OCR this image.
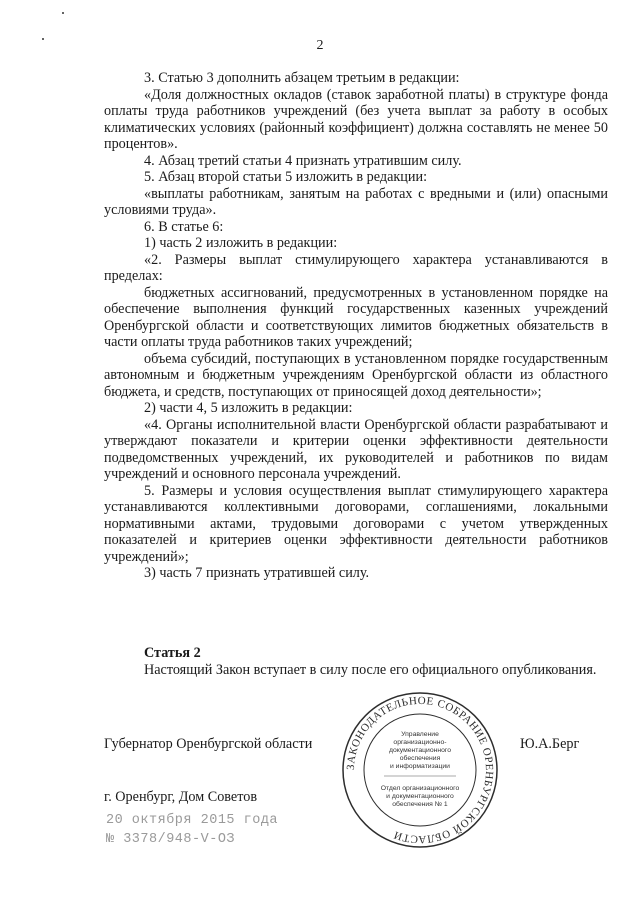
2

3. Статью 3 дополнить абзацем третьим в редакции:

«Доля должностных окладов (ставок заработной платы) в структуре фонда оплаты труда работников учреждений (без учета выплат за работу в особых климатических условиях (районный коэффициент) должна составлять не менее 50 процентов».

4. Абзац третий статьи 4 признать утратившим силу.

5. Абзац второй статьи 5 изложить в редакции:

«выплаты работникам, занятым на работах с вредными и (или) опасными условиями труда».

6. В статье 6:

1) часть 2 изложить в редакции:

«2. Размеры выплат стимулирующего характера устанавливаются в пределах:

бюджетных ассигнований, предусмотренных в установленном порядке на обеспечение выполнения функций государственных казенных учреждений Оренбургской области и соответствующих лимитов бюджетных обязательств в части оплаты труда работников таких учреждений;

объема субсидий, поступающих в установленном порядке государственным автономным и бюджетным учреждениям Оренбургской области из областного бюджета, и средств, поступающих от приносящей доход деятельности»;

2) части 4, 5 изложить в редакции:

«4. Органы исполнительной власти Оренбургской области разрабатывают и утверждают показатели и критерии оценки эффективности деятельности подведомственных учреждений, их руководителей и работников по видам учреждений и основного персонала учреждений.

5. Размеры и условия осуществления выплат стимулирующего характера устанавливаются коллективными договорами, соглашениями, локальными нормативными актами, трудовыми договорами с учетом утвержденных показателей и критериев оценки эффективности деятельности работников учреждений»;

3) часть 7 признать утратившей силу.

Статья 2

Настоящий Закон вступает в силу после его официального опубликования.

Губернатор Оренбургской области	Ю.А.Берг
г. Оренбург, Дом Советов
20 октября 2015 года
№ 3378/948-V-ОЗ
ЗАКОНОДАТЕЛЬНОЕ СОБРАНИЕ ОРЕНБУРГСКОЙ ОБЛАСТИ
Управление
организационно-
документационного
обеспечения
и информатизации
Отдел организационного
и документационного
обеспечения № 1
